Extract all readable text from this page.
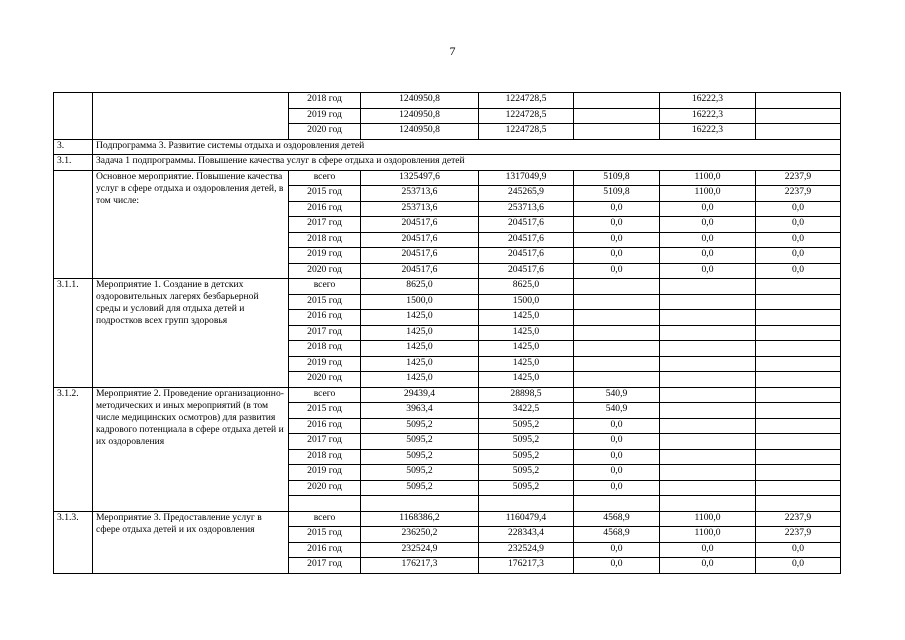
7
		2018 год	1240950,8	1224728,5		16222,3	
		2019 год	1240950,8	1224728,5		16222,3	
		2020 год	1240950,8	1224728,5		16222,3	
3.	Подпрограмма 3. Развитие системы отдыха и оздоровления детей						
3.1.	Задача 1 подпрограммы. Повышение качества услуг в сфере отдыха и оздоровления детей						
	Основное мероприятие. Повышение качества услуг в сфере отдыха и оздоровления детей, в том числе:	всего	1325497,6	1317049,9	5109,8	1100,0	2237,9
		2015 год	253713,6	245265,9	5109,8	1100,0	2237,9
		2016 год	253713,6	253713,6	0,0	0,0	0,0
		2017 год	204517,6	204517,6	0,0	0,0	0,0
		2018 год	204517,6	204517,6	0,0	0,0	0,0
		2019 год	204517,6	204517,6	0,0	0,0	0,0
		2020 год	204517,6	204517,6	0,0	0,0	0,0
3.1.1.	Мероприятие 1. Создание в детских оздоровительных лагерях безбарьерной среды и условий для отдыха детей и подростков всех групп здоровья	всего	8625,0	8625,0			
		2015 год	1500,0	1500,0			
		2016 год	1425,0	1425,0			
		2017 год	1425,0	1425,0			
		2018 год	1425,0	1425,0			
		2019 год	1425,0	1425,0			
		2020 год	1425,0	1425,0			
3.1.2.	Мероприятие 2. Проведение организационно-методических и иных мероприятий (в том числе медицинских осмотров) для развития кадрового потенциала в сфере отдыха детей и их оздоровления	всего	29439,4	28898,5	540,9		
		2015 год	3963,4	3422,5	540,9		
		2016 год	5095,2	5095,2	0,0		
		2017 год	5095,2	5095,2	0,0		
		2018 год	5095,2	5095,2	0,0		
		2019 год	5095,2	5095,2	0,0		
		2020 год	5095,2	5095,2	0,0		

3.1.3.	Мероприятие 3. Предоставление услуг в сфере отдыха детей и их оздоровления	всего	1168386,2	1160479,4	4568,9	1100,0	2237,9
		2015 год	236250,2	228343,4	4568,9	1100,0	2237,9
		2016 год	232524,9	232524,9	0,0	0,0	0,0
		2017 год	176217,3	176217,3	0,0	0,0	0,0
